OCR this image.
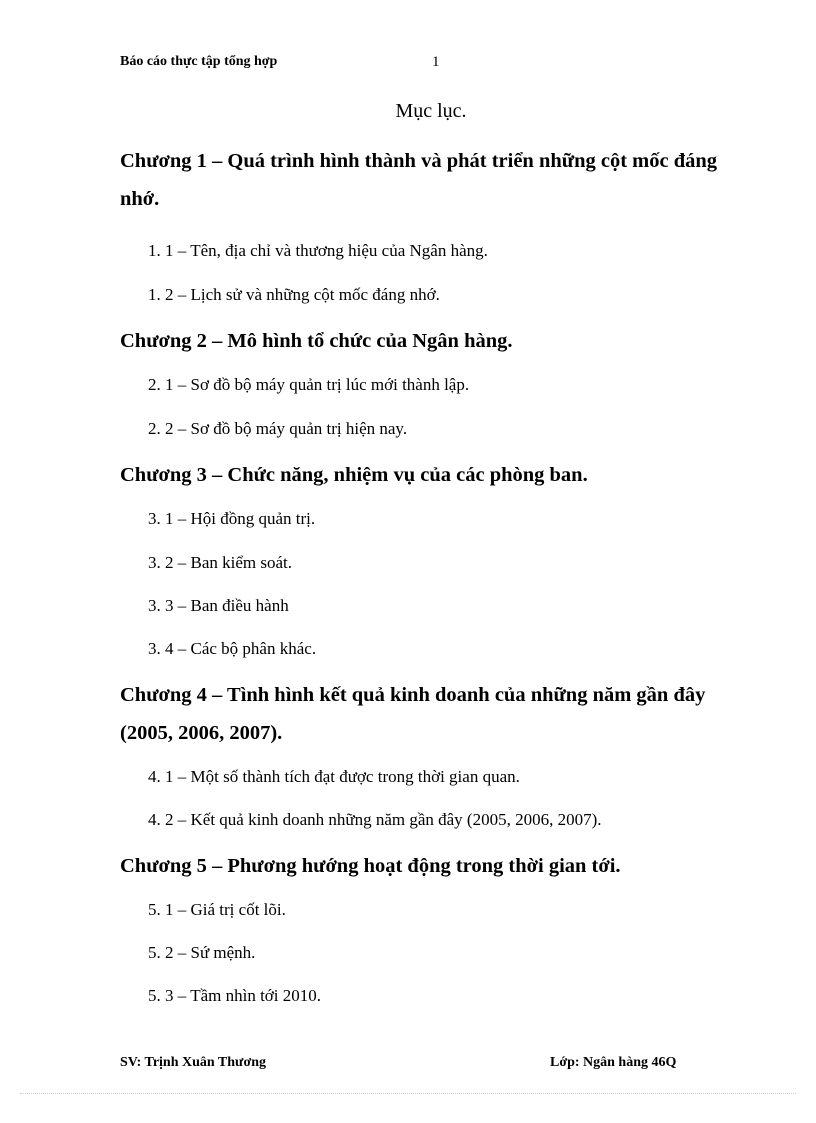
Báo cáo thực tập tổng hợp	1
Mục lục.

Chương 1 – Quá trình hình thành và phát triển những cột mốc đáng nhớ.

1. 1 – Tên, địa chỉ và thương hiệu của Ngân hàng.

1. 2 – Lịch sử và những cột mốc đáng nhớ.

Chương 2 – Mô hình tổ chức của Ngân hàng.

2. 1 – Sơ đồ bộ máy quản trị lúc mới thành lập.

2. 2 – Sơ đồ bộ máy quản trị hiện nay.

Chương 3 – Chức năng, nhiệm vụ của các phòng ban.

3. 1 – Hội đồng quản trị.

3. 2 – Ban kiểm soát.

3. 3 – Ban điều hành

3. 4 – Các bộ phân khác.

Chương 4 – Tình hình kết quả kinh doanh của những năm gần đây (2005, 2006, 2007).

4. 1 – Một số thành tích đạt được trong thời gian quan.

4. 2 – Kết quả kinh doanh những năm gần đây (2005, 2006, 2007).

Chương 5 – Phương hướng hoạt động trong thời gian tới.

5. 1 – Giá trị cốt lõi.

5. 2 – Sứ mệnh.

5. 3 – Tầm nhìn tới 2010.

SV: Trịnh Xuân Thương	Lớp: Ngân hàng 46Q
